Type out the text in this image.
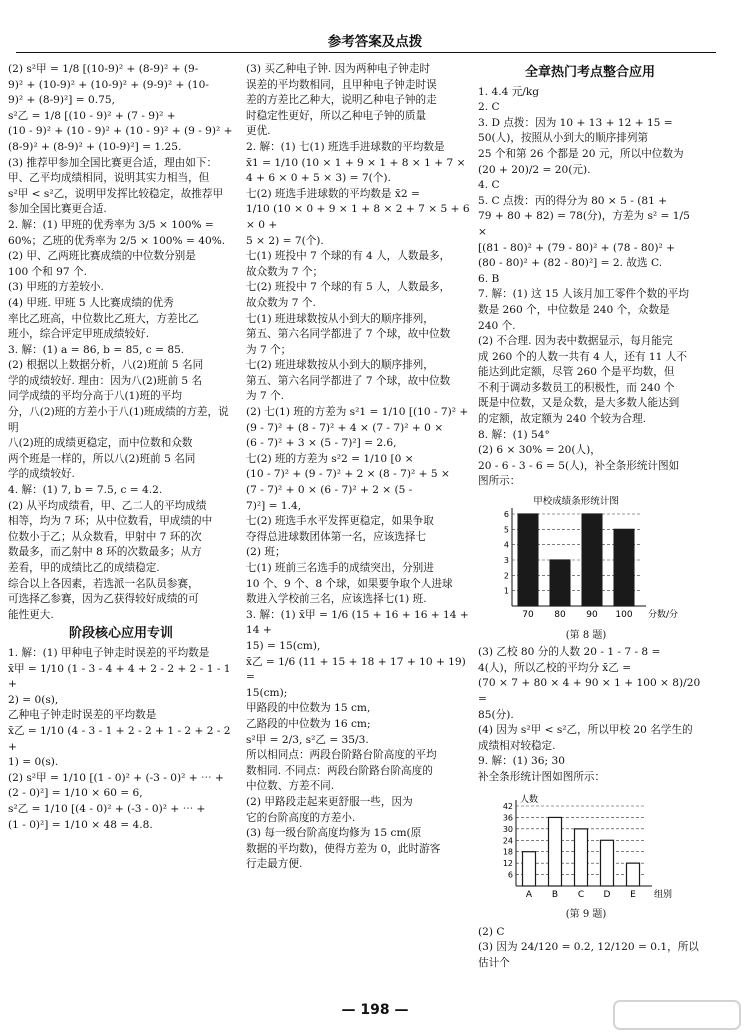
参考答案及点拨

(2) s²甲 = 1/8 [(10-9)² + (8-9)² + (9-

9)² + (10-9)² + (10-9)² + (9-9)² + (10-

9)² + (8-9)²] = 0.75,

s²乙 = 1/8 [(10 - 9)² + (7 - 9)² +

(10 - 9)² + (10 - 9)² + (10 - 9)² + (9 - 9)² +

(8-9)² + (8-9)² + (10-9)²] = 1.25.

(3) 推荐甲参加全国比赛更合适，理由如下：

甲、乙平均成绩相同，说明其实力相当，但

s²甲 < s²乙，说明甲发挥比较稳定，故推荐甲

参加全国比赛更合适.

2. 解：(1) 甲班的优秀率为 3/5 × 100% =

60%；乙班的优秀率为 2/5 × 100% = 40%.

(2) 甲、乙两班比赛成绩的中位数分别是

100 个和 97 个.

(3) 甲班的方差较小.

(4) 甲班. 甲班 5 人比赛成绩的优秀

率比乙班高，中位数比乙班大，方差比乙

班小，综合评定甲班成绩较好.

3. 解：(1) a = 86, b = 85, c = 85.

(2) 根据以上数据分析，八(2)班前 5 名同

学的成绩较好. 理由：因为八(2)班前 5 名

同学成绩的平均分高于八(1)班的平均

分，八(2)班的方差小于八(1)班成绩的方差，说明

八(2)班的成绩更稳定，而中位数和众数

两个班是一样的，所以八(2)班前 5 名同

学的成绩较好.

4. 解：(1) 7, b = 7.5, c = 4.2.

(2) 从平均成绩看，甲、乙二人的平均成绩

相等，均为 7 环；从中位数看，甲成绩的中

位数小于乙；从众数看，甲射中 7 环的次

数最多，而乙射中 8 环的次数最多；从方

差看，甲的成绩比乙的成绩稳定.

综合以上各因素，若选派一名队员参赛，

可选择乙参赛，因为乙获得较好成绩的可

能性更大.

阶段核心应用专训

1. 解：(1) 甲种电子钟走时误差的平均数是

x̄甲 = 1/10 (1 - 3 - 4 + 4 + 2 - 2 + 2 - 1 - 1 +

2) = 0(s),

乙种电子钟走时误差的平均数是

x̄乙 = 1/10 (4 - 3 - 1 + 2 - 2 + 1 - 2 + 2 - 2 +

1) = 0(s).

(2) s²甲 = 1/10 [(1 - 0)² + (-3 - 0)² + ⋯ +

(2 - 0)²] = 1/10 × 60 = 6,

s²乙 = 1/10 [(4 - 0)² + (-3 - 0)² + ⋯ +

(1 - 0)²] = 1/10 × 48 = 4.8.

(3) 买乙种电子钟. 因为两种电子钟走时

误差的平均数相同，且甲种电子钟走时误

差的方差比乙种大，说明乙种电子钟的走

时稳定性更好，所以乙种电子钟的质量

更优.

2. 解：(1) 七(1) 班选手进球数的平均数是

x̄1 = 1/10 (10 × 1 + 9 × 1 + 8 × 1 + 7 ×

4 + 6 × 0 + 5 × 3) = 7(个).

七(2) 班选手进球数的平均数是 x̄2 =

1/10 (10 × 0 + 9 × 1 + 8 × 2 + 7 × 5 + 6 × 0 +

5 × 2) = 7(个).

七(1) 班投中 7 个球的有 4 人，人数最多，

故众数为 7 个；

七(2) 班投中 7 个球的有 5 人，人数最多，

故众数为 7 个.

七(1) 班进球数按从小到大的顺序排列，

第五、第六名同学都进了 7 个球，故中位数

为 7 个；

七(2) 班进球数按从小到大的顺序排列，

第五、第六名同学都进了 7 个球，故中位数

为 7 个.

(2) 七(1) 班的方差为 s²1 = 1/10 [(10 - 7)² +

(9 - 7)² + (8 - 7)² + 4 × (7 - 7)² + 0 ×

(6 - 7)² + 3 × (5 - 7)²] = 2.6,

七(2) 班的方差为 s²2 = 1/10 [0 ×

(10 - 7)² + (9 - 7)² + 2 × (8 - 7)² + 5 ×

(7 - 7)² + 0 × (6 - 7)² + 2 × (5 -

7)²] = 1.4,

七(2) 班选手水平发挥更稳定，如果争取

夺得总进球数团体第一名，应该选择七

(2) 班；

七(1) 班前三名选手的成绩突出，分别进

10 个、9 个、8 个球，如果要争取个人进球

数进入学校前三名，应该选择七(1) 班.

3. 解：(1) x̄甲 = 1/6 (15 + 16 + 16 + 14 + 14 +

15) = 15(cm),

x̄乙 = 1/6 (11 + 15 + 18 + 17 + 10 + 19) =

15(cm);

甲路段的中位数为 15 cm,

乙路段的中位数为 16 cm;

s²甲 = 2/3, s²乙 = 35/3.

所以相同点：两段台阶路台阶高度的平均

数相同. 不同点：两段台阶路台阶高度的

中位数、方差不同.

(2) 甲路段走起来更舒服一些，因为

它的台阶高度的方差小.

(3) 每一级台阶高度均修为 15 cm(原

数据的平均数)，使得方差为 0，此时游客

行走最方便.

全章热门考点整合应用

1. 4.4 元/kg

2. C

3. D 点拨：因为 10 + 13 + 12 + 15 =

50(人)，按照从小到大的顺序排列第

25 个和第 26 个都是 20 元，所以中位数为

(20 + 20)/2 = 20(元).

4. C

5. C 点拨：丙的得分为 80 × 5 - (81 +

79 + 80 + 82) = 78(分)，方差为 s² = 1/5 ×

[(81 - 80)² + (79 - 80)² + (78 - 80)² +

(80 - 80)² + (82 - 80)²] = 2. 故选 C.

6. B

7. 解：(1) 这 15 人该月加工零件个数的平均

数是 260 个，中位数是 240 个，众数是

240 个.

(2) 不合理. 因为表中数据显示，每月能完

成 260 个的人数一共有 4 人，还有 11 人不

能达到此定额，尽管 260 个是平均数，但

不利于调动多数员工的积极性，而 240 个

既是中位数，又是众数，是大多数人能达到

的定额，故定额为 240 个较为合理.

8. 解：(1) 54°

(2) 6 × 30% = 20(人)，

20 - 6 - 3 - 6 = 5(人)，补全条形统计图如

图所示：

甲校成绩条形统计图
1
2
3
4
5
6
70 80 90 100 分数/分
(第 8 题)

(3) 乙校 80 分的人数 20 - 1 - 7 - 8 =

4(人)，所以乙校的平均分 x̄乙 =

(70 × 7 + 80 × 4 + 90 × 1 + 100 × 8)/20 =

85(分).

(4) 因为 s²甲 < s²乙，所以甲校 20 名学生的

成绩相对较稳定.

9. 解：(1) 36; 30

补全条形统计图如图所示：

人数
6
12
18
24
30
36
42
A B C D E 组别
(第 9 题)

(2) C

(3) 因为 24/120 = 0.2, 12/120 = 0.1，所以估计个

— 198 —
